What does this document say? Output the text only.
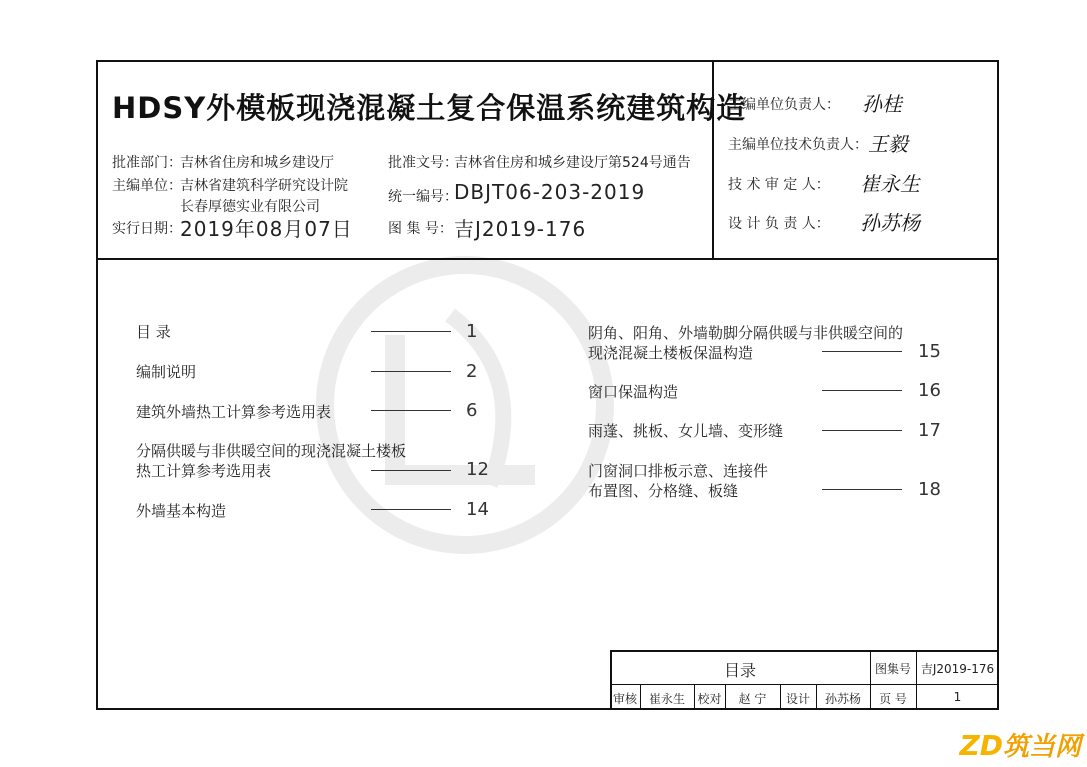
HDSY外模板现浇混凝土复合保温系统建筑构造
批准部门：
吉林省住房和城乡建设厅
主编单位：
吉林省建筑科学研究设计院
长春厚德实业有限公司
实行日期：
2019年08月07日
批准文号：
吉林省住房和城乡建设厅第524号通告
统一编号：
DBJT06-203-2019
图 集 号： 吉J2019-176
主编单位负责人： 孙桂
主编单位技术负责人： 王毅
技 术 审 定 人： 崔永生
设 计 负 责 人： 孙苏杨
目 录	1
编制说明	2
建筑外墙热工计算参考选用表	6
分隔供暖与非供暖空间的现浇混凝土楼板
热工计算参考选用表	12
外墙基本构造	14
阴角、阳角、外墙勒脚分隔供暖与非供暖空间的
现浇混凝土楼板保温构造	15
窗口保温构造	16
雨蓬、挑板、女儿墙、变形缝	17
门窗洞口排板示意、连接件
布置图、分格缝、板缝	18
目录	图集号 吉J2019-176
审核 崔永生	校对	赵 宁	设计	孙苏杨	页 号	1
ZD筑当网
